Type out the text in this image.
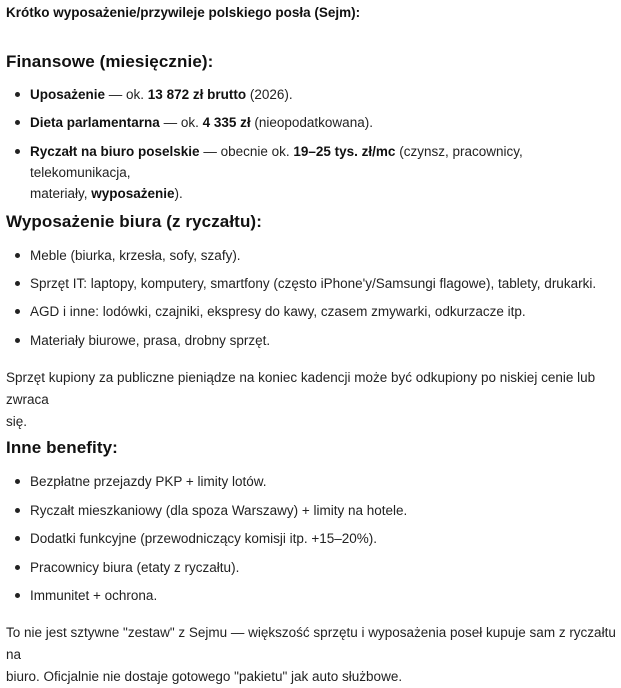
Krótko wyposażenie/przywileje polskiego posła (Sejm):

Finansowe (miesięcznie):
Uposażenie — ok. 13 872 zł brutto (2026).
Dieta parlamentarna — ok. 4 335 zł (nieopodatkowana).
Ryczałt na biuro poselskie — obecnie ok. 19–25 tys. zł/mc (czynsz, pracownicy, telekomunikacja,
materiały, wyposażenie).
Wyposażenie biura (z ryczałtu):
Meble (biurka, krzesła, sofy, szafy).
Sprzęt IT: laptopy, komputery, smartfony (często iPhone'y/Samsungi flagowe), tablety, drukarki.
AGD i inne: lodówki, czajniki, ekspresy do kawy, czasem zmywarki, odkurzacze itp.
Materiały biurowe, prasa, drobny sprzęt.

Sprzęt kupiony za publiczne pieniądze na koniec kadencji może być odkupiony po niskiej cenie lub zwraca
się.

Inne benefity:
Bezpłatne przejazdy PKP + limity lotów.
Ryczałt mieszkaniowy (dla spoza Warszawy) + limity na hotele.
Dodatki funkcyjne (przewodniczący komisji itp. +15–20%).
Pracownicy biura (etaty z ryczałtu).
Immunitet + ochrona.

To nie jest sztywne "zestaw" z Sejmu — większość sprzętu i wyposażenia poseł kupuje sam z ryczałtu na
biuro. Oficjalnie nie dostaje gotowego "pakietu" jak auto służbowe.
